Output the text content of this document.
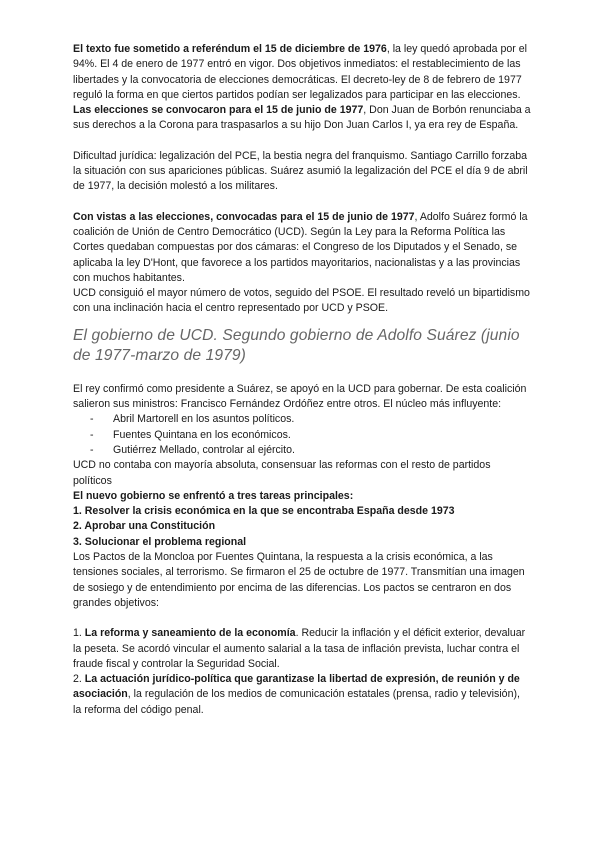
El texto fue sometido a referéndum el 15 de diciembre de 1976, la ley quedó aprobada por el 94%. El 4 de enero de 1977 entró en vigor. Dos objetivos inmediatos: el restablecimiento de las libertades y la convocatoria de elecciones democráticas. El decreto-ley de 8 de febrero de 1977 reguló la forma en que ciertos partidos podían ser legalizados para participar en las elecciones.

Las elecciones se convocaron para el 15 de junio de 1977, Don Juan de Borbón renunciaba a sus derechos a la Corona para traspasarlos a su hijo Don Juan Carlos I, ya era rey de España.

Dificultad jurídica: legalización del PCE, la bestia negra del franquismo. Santiago Carrillo forzaba la situación con sus apariciones públicas. Suárez asumió la legalización del PCE el día 9 de abril de 1977, la decisión molestó a los militares.

Con vistas a las elecciones, convocadas para el 15 de junio de 1977, Adolfo Suárez formó la coalición de Unión de Centro Democrático (UCD). Según la Ley para la Reforma Política las Cortes quedaban compuestas por dos cámaras: el Congreso de los Diputados y el Senado, se aplicaba la ley D'Hont, que favorece a los partidos mayoritarios, nacionalistas y a las provincias con muchos habitantes.

UCD consiguió el mayor número de votos, seguido del PSOE. El resultado reveló un bipartidismo con una inclinación hacia el centro representado por UCD y PSOE.

El gobierno de UCD. Segundo gobierno de Adolfo Suárez (junio de 1977-marzo de 1979)

El rey confirmó como presidente a Suárez, se apoyó en la UCD para gobernar. De esta coalición salieron sus ministros: Francisco Fernández Ordóñez entre otros. El núcleo más influyente:

- Abril Martorell en los asuntos políticos.
- Fuentes Quintana en los económicos.
- Gutiérrez Mellado, controlar al ejército.

UCD no contaba con mayoría absoluta, consensuar las reformas con el resto de partidos políticos

El nuevo gobierno se enfrentó a tres tareas principales:

1. Resolver la crisis económica en la que se encontraba España desde 1973

2. Aprobar una Constitución

3. Solucionar el problema regional

Los Pactos de la Moncloa por Fuentes Quintana, la respuesta a la crisis económica, a las tensiones sociales, al terrorismo. Se firmaron el 25 de octubre de 1977. Transmitían una imagen de sosiego y de entendimiento por encima de las diferencias. Los pactos se centraron en dos grandes objetivos:

1. La reforma y saneamiento de la economía. Reducir la inflación y el déficit exterior, devaluar la peseta. Se acordó vincular el aumento salarial a la tasa de inflación prevista, luchar contra el fraude fiscal y controlar la Seguridad Social.

2. La actuación jurídico-política que garantizase la libertad de expresión, de reunión y de asociación, la regulación de los medios de comunicación estatales (prensa, radio y televisión), la reforma del código penal.
